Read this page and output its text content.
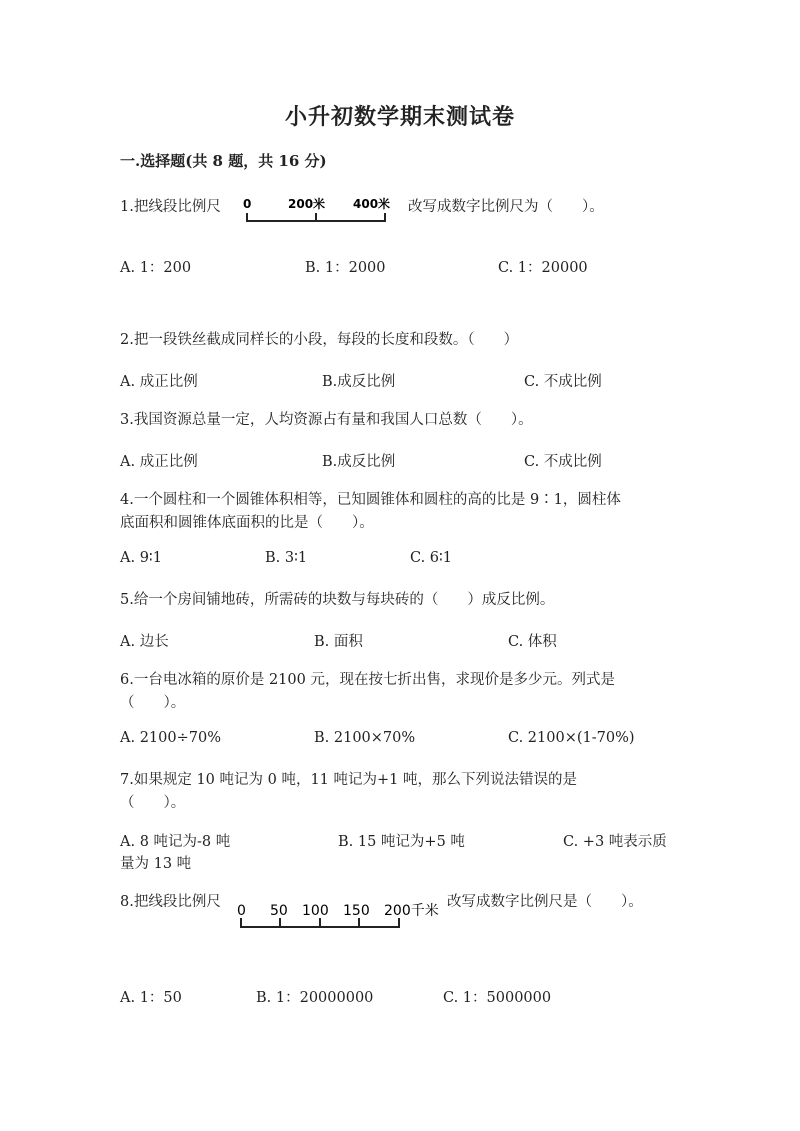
小升初数学期末测试卷
一.选择题(共 8 题，共 16 分)
1.把线段比例尺	0	200米 400米 改写成数字比例尺为（　　）。
A. 1：200	B. 1：2000	C. 1：20000
2.把一段铁丝截成同样长的小段，每段的长度和段数。（　　）
A. 成正比例	B.成反比例	C. 不成比例
3.我国资源总量一定，人均资源占有量和我国人口总数（　　）。
A. 成正比例	B.成反比例	C. 不成比例
4.一个圆柱和一个圆锥体积相等，已知圆锥体和圆柱的高的比是 9∶1，圆柱体
底面积和圆锥体底面积的比是（　　）。
A. 9∶1	B. 3∶1	C. 6∶1
5.给一个房间铺地砖，所需砖的块数与每块砖的（　　）成反比例。
A. 边长	B. 面积	C. 体积
6.一台电冰箱的原价是 2100 元，现在按七折出售，求现价是多少元。列式是
（　　）。
A. 2100÷70%	B. 2100×70%	C. 2100×(1-70%)
7.如果规定 10 吨记为 0 吨，11 吨记为+1 吨，那么下列说法错误的是
（　　）。
A. 8 吨记为-8 吨	B. 15 吨记为+5 吨	C. +3 吨表示质
量为 13 吨
8.把线段比例尺
0 50 100 150 200千米
改写成数字比例尺是（　　）。
A. 1：50	B. 1：20000000	C. 1：5000000
